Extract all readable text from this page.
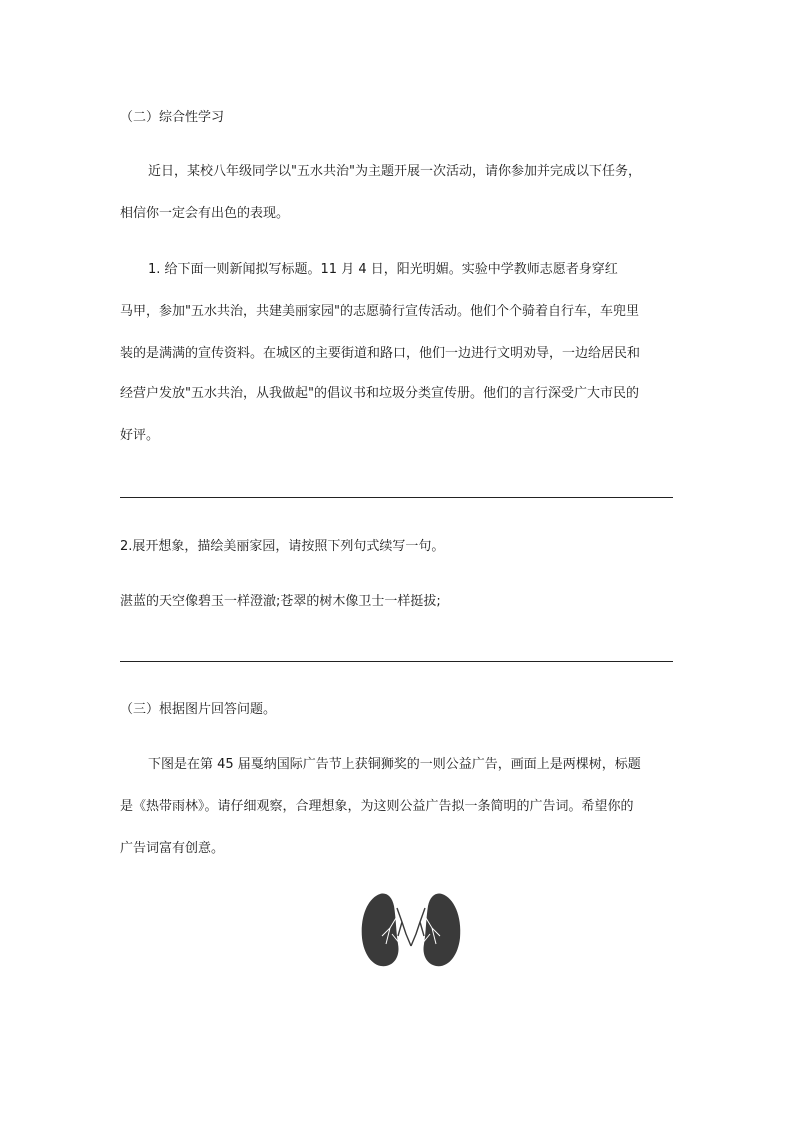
（二）综合性学习

近日，某校八年级同学以"五水共治"为主题开展一次活动，请你参加并完成以下任务，

相信你一定会有出色的表现。

1. 给下面一则新闻拟写标题。11 月 4 日，阳光明媚。实验中学教师志愿者身穿红

马甲，参加"五水共治，共建美丽家园"的志愿骑行宣传活动。他们个个骑着自行车，车兜里

装的是满满的宣传资料。在城区的主要街道和路口，他们一边进行文明劝导，一边给居民和

经营户发放"五水共治，从我做起"的倡议书和垃圾分类宣传册。他们的言行深受广大市民的

好评。

2.展开想象，描绘美丽家园，请按照下列句式续写一句。

湛蓝的天空像碧玉一样澄澈;苍翠的树木像卫士一样挺拔;

（三）根据图片回答问题。

下图是在第 45 届戛纳国际广告节上获铜狮奖的一则公益广告，画面上是两棵树，标题

是《热带雨林》。请仔细观察，合理想象，为这则公益广告拟一条简明的广告词。希望你的

广告词富有创意。
